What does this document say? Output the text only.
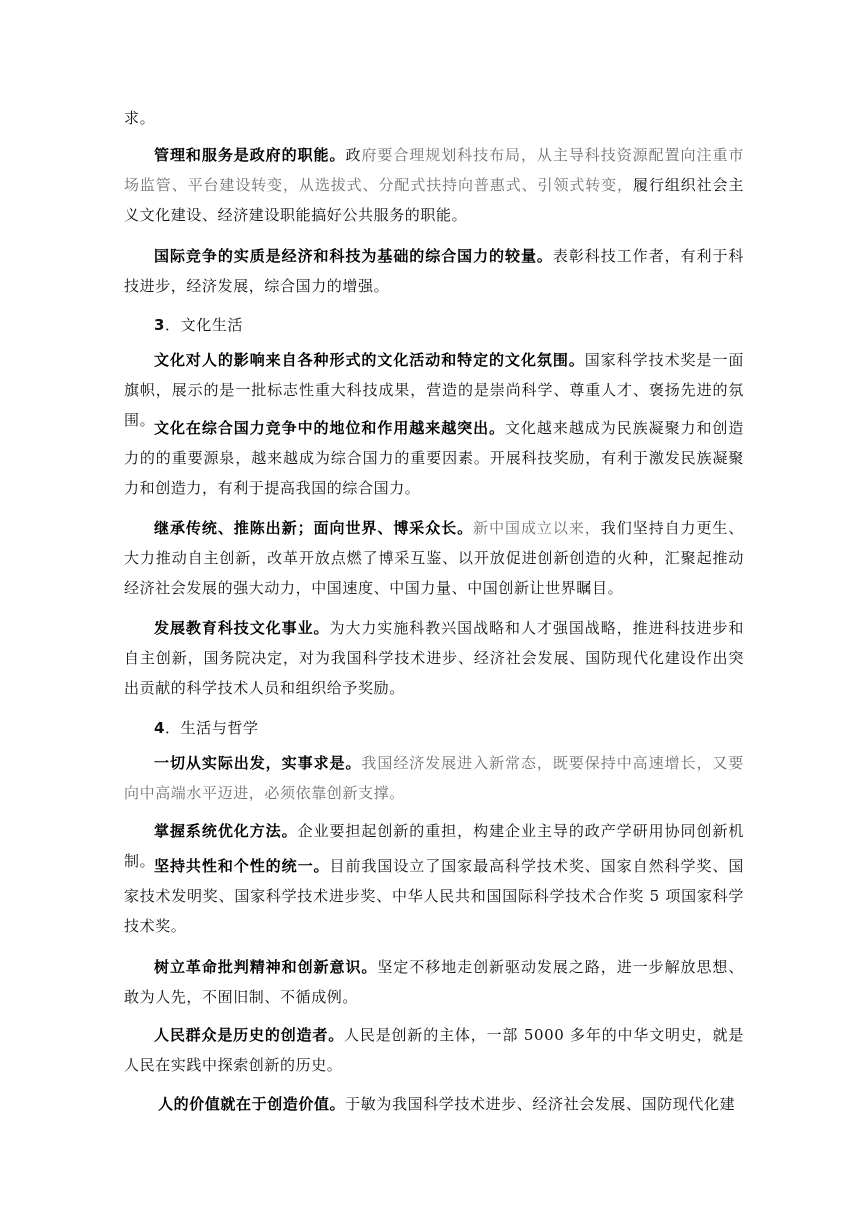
求。

管理和服务是政府的职能。政府要合理规划科技布局，从主导科技资源配置向注重市场监管、平台建设转变，从选拔式、分配式扶持向普惠式、引领式转变，履行组织社会主义文化建设、经济建设职能搞好公共服务的职能。

国际竞争的实质是经济和科技为基础的综合国力的较量。表彰科技工作者，有利于科技进步，经济发展，综合国力的增强。

3．文化生活

文化对人的影响来自各种形式的文化活动和特定的文化氛围。国家科学技术奖是一面旗帜，展示的是一批标志性重大科技成果，营造的是崇尚科学、尊重人才、褒扬先进的氛围。

文化在综合国力竞争中的地位和作用越来越突出。文化越来越成为民族凝聚力和创造力的的重要源泉，越来越成为综合国力的重要因素。开展科技奖励，有利于激发民族凝聚力和创造力，有利于提高我国的综合国力。

继承传统、推陈出新；面向世界、博采众长。新中国成立以来，我们坚持自力更生、大力推动自主创新，改革开放点燃了博采互鉴、以开放促进创新创造的火种，汇聚起推动经济社会发展的强大动力，中国速度、中国力量、中国创新让世界瞩目。

发展教育科技文化事业。为大力实施科教兴国战略和人才强国战略，推进科技进步和自主创新，国务院决定，对为我国科学技术进步、经济社会发展、国防现代化建设作出突出贡献的科学技术人员和组织给予奖励。

4．生活与哲学

一切从实际出发，实事求是。我国经济发展进入新常态，既要保持中高速增长，又要向中高端水平迈进，必须依靠创新支撑。

掌握系统优化方法。企业要担起创新的重担，构建企业主导的政产学研用协同创新机制。

坚持共性和个性的统一。目前我国设立了国家最高科学技术奖、国家自然科学奖、国家技术发明奖、国家科学技术进步奖、中华人民共和国国际科学技术合作奖 5 项国家科学技术奖。

树立革命批判精神和创新意识。坚定不移地走创新驱动发展之路，进一步解放思想、敢为人先，不囿旧制、不循成例。

人民群众是历史的创造者。人民是创新的主体，一部 5000 多年的中华文明史，就是人民在实践中探索创新的历史。

人的价值就在于创造价值。于敏为我国科学技术进步、经济社会发展、国防现代化建
